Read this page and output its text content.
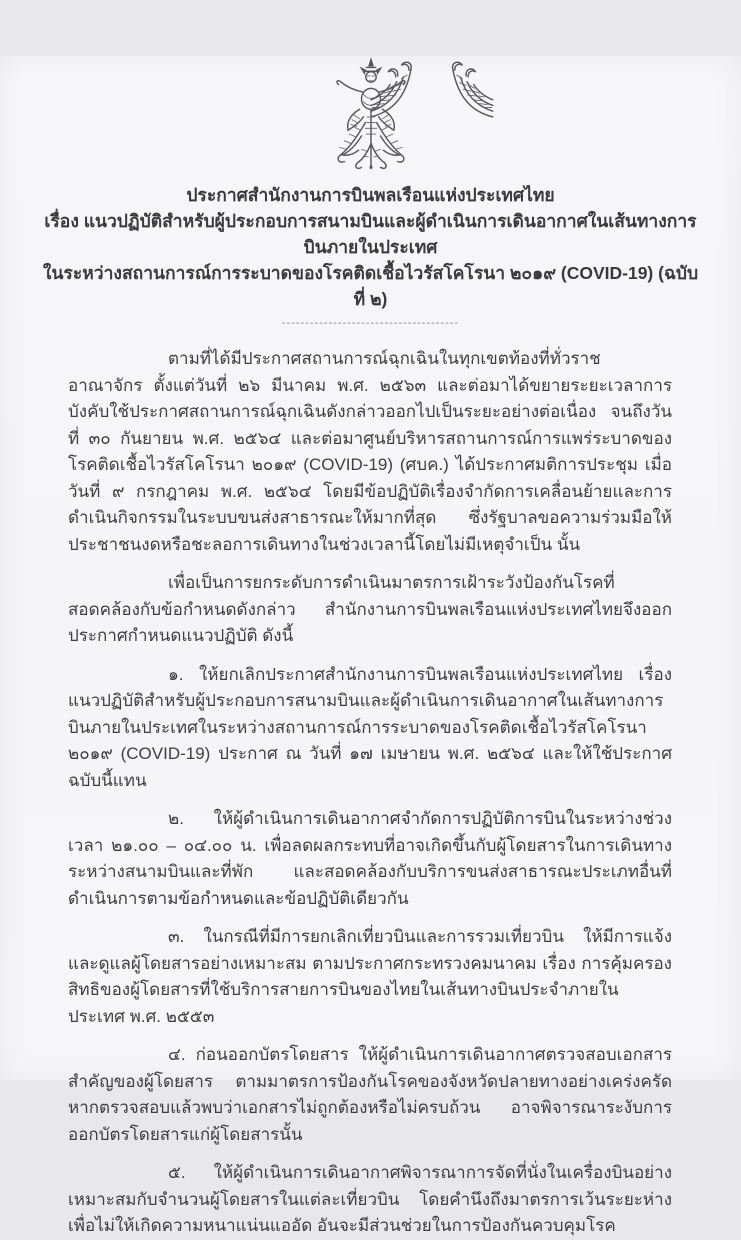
ประกาศสำนักงานการบินพลเรือนแห่งประเทศไทย
เรื่อง แนวปฏิบัติสำหรับผู้ประกอบการสนามบินและผู้ดำเนินการเดินอากาศในเส้นทางการบินภายในประเทศ
ในระหว่างสถานการณ์การระบาดของโรคติดเชื้อไวรัสโคโรนา ๒๐๑๙ (COVID-19) (ฉบับที่ ๒)
--------------------------------------

ตามที่ได้มีประกาศสถานการณ์ฉุกเฉินในทุกเขตท้องที่ทั่วราชอาณาจักร ตั้งแต่วันที่ ๒๖ มีนาคม พ.ศ. ๒๕๖๓ และต่อมาได้ขยายระยะเวลาการบังคับใช้ประกาศสถานการณ์ฉุกเฉินดังกล่าวออกไปเป็นระยะอย่างต่อเนื่อง จนถึงวันที่ ๓๐ กันยายน พ.ศ. ๒๕๖๔ และต่อมาศูนย์บริหารสถานการณ์การแพร่ระบาดของโรคติดเชื้อไวรัสโคโรนา ๒๐๑๙ (COVID-19) (ศบค.) ได้ประกาศมติการประชุม เมื่อวันที่ ๙ กรกฎาคม พ.ศ. ๒๕๖๔ โดยมีข้อปฏิบัติเรื่องจำกัดการเคลื่อนย้ายและการดำเนินกิจกรรมในระบบขนส่งสาธารณะให้มากที่สุด ซึ่งรัฐบาลขอความร่วมมือให้ประชาชนงดหรือชะลอการเดินทางในช่วงเวลานี้โดยไม่มีเหตุจำเป็น นั้น

เพื่อเป็นการยกระดับการดำเนินมาตรการเฝ้าระวังป้องกันโรคที่สอดคล้องกับข้อกำหนดดังกล่าว สำนักงานการบินพลเรือนแห่งประเทศไทยจึงออกประกาศกำหนดแนวปฏิบัติ ดังนี้

๑. ให้ยกเลิกประกาศสำนักงานการบินพลเรือนแห่งประเทศไทย เรื่อง แนวปฏิบัติสำหรับผู้ประกอบการสนามบินและผู้ดำเนินการเดินอากาศในเส้นทางการบินภายในประเทศในระหว่างสถานการณ์การระบาดของโรคติดเชื้อไวรัสโคโรนา ๒๐๑๙ (COVID-19) ประกาศ ณ วันที่ ๑๗ เมษายน พ.ศ. ๒๕๖๔ และให้ใช้ประกาศฉบับนี้แทน

๒. ให้ผู้ดำเนินการเดินอากาศจำกัดการปฏิบัติการบินในระหว่างช่วงเวลา ๒๑.๐๐ – ๐๔.๐๐ น. เพื่อลดผลกระทบที่อาจเกิดขึ้นกับผู้โดยสารในการเดินทางระหว่างสนามบินและที่พัก และสอดคล้องกับบริการขนส่งสาธารณะประเภทอื่นที่ดำเนินการตามข้อกำหนดและข้อปฏิบัติเดียวกัน

๓. ในกรณีที่มีการยกเลิกเที่ยวบินและการรวมเที่ยวบิน ให้มีการแจ้งและดูแลผู้โดยสารอย่างเหมาะสม ตามประกาศกระทรวงคมนาคม เรื่อง การคุ้มครองสิทธิของผู้โดยสารที่ใช้บริการสายการบินของไทยในเส้นทางบินประจำภายในประเทศ พ.ศ. ๒๕๕๓

๔. ก่อนออกบัตรโดยสาร ให้ผู้ดำเนินการเดินอากาศตรวจสอบเอกสารสำคัญของผู้โดยสาร ตามมาตรการป้องกันโรคของจังหวัดปลายทางอย่างเคร่งครัด หากตรวจสอบแล้วพบว่าเอกสารไม่ถูกต้องหรือไม่ครบถ้วน อาจพิจารณาระงับการออกบัตรโดยสารแก่ผู้โดยสารนั้น

๕. ให้ผู้ดำเนินการเดินอากาศพิจารณาการจัดที่นั่งในเครื่องบินอย่างเหมาะสมกับจำนวนผู้โดยสารในแต่ละเที่ยวบิน โดยคำนึงถึงมาตรการเว้นระยะห่างเพื่อไม่ให้เกิดความหนาแน่นแออัด อันจะมีส่วนช่วยในการป้องกันควบคุมโรค
